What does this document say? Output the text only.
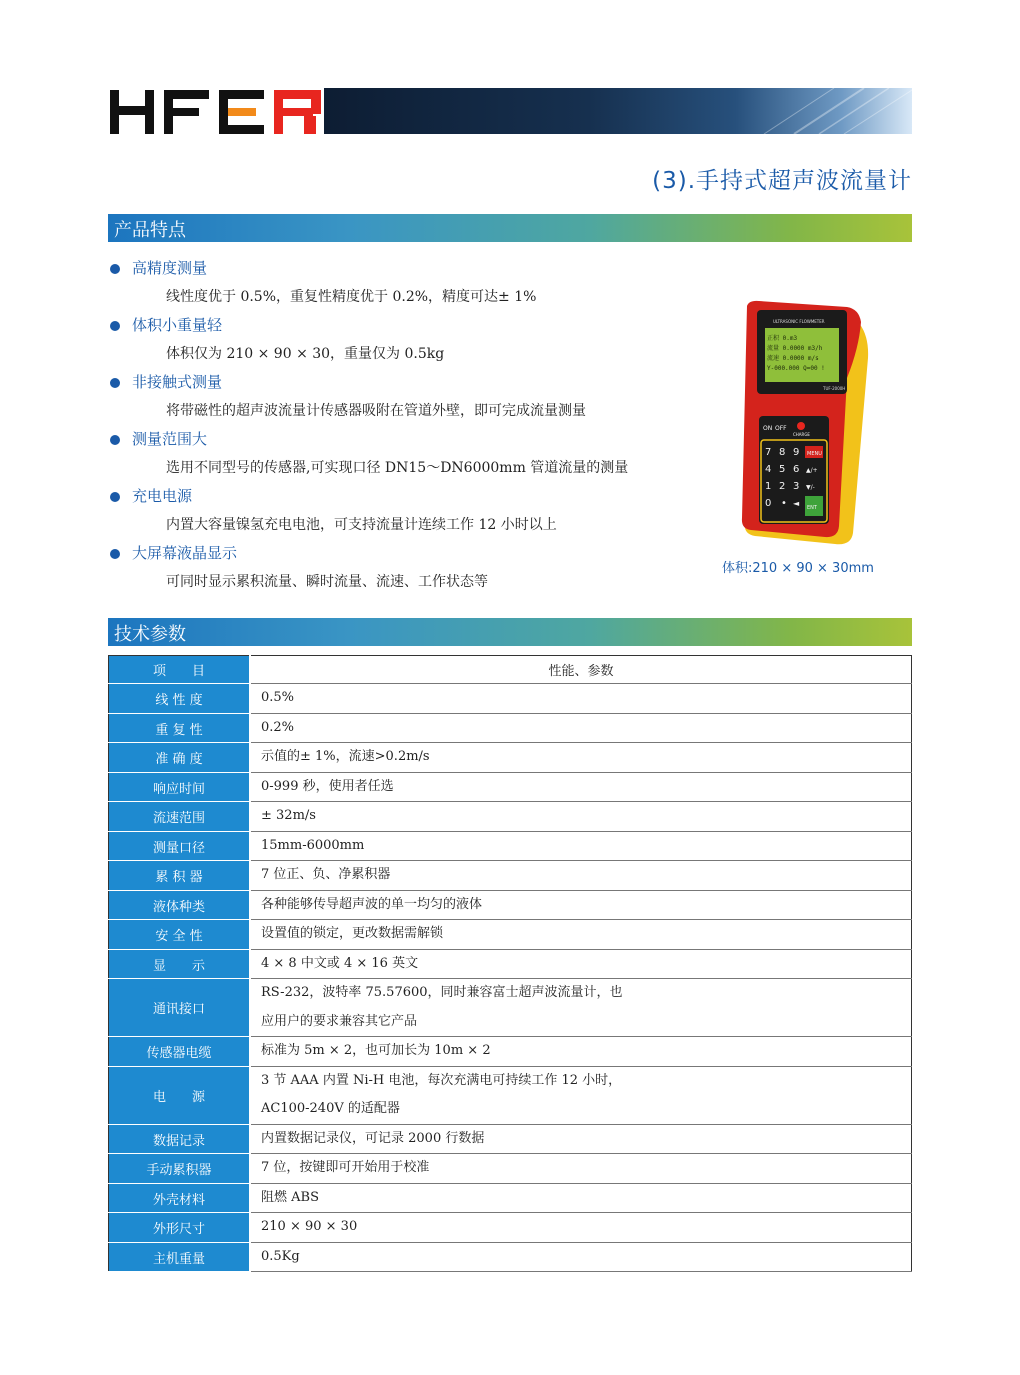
(3).手持式超声波流量计
产品特点
高精度测量
线性度优于 0.5%，重复性精度优于 0.2%，精度可达± 1%
体积小重量轻
体积仅为 210 × 90 × 30，重量仅为 0.5kg
非接触式测量
将带磁性的超声波流量计传感器吸附在管道外壁，即可完成流量测量
测量范围大
选用不同型号的传感器,可实现口径 DN15～DN6000mm 管道流量的测量
充电电源
内置大容量镍氢充电电池，可支持流量计连续工作 12 小时以上
大屏幕液晶显示
可同时显示累积流量、瞬时流量、流速、工作状态等
ULTRASONIC FLOWMETER
正积 0.m3
流量 0.0000 m3/h
流速 0.0000 m/s
Y-000.000 Q=00 !
TUF-2000H
ON OFF
CHARGE
7 8 9 MENU
4 5 6 ▲/+
1 2 3 ▼/-
0 • ◄ ENT
体积:210 × 90 × 30mm
技术参数
项　　目	性能、参数
线 性 度	0.5%

重 复 性	0.2%

准 确 度	示值的± 1%，流速>0.2m/s

响应时间	0-999 秒，使用者任选

流速范围	± 32m/s

测量口径	15mm-6000mm

累 积 器	7 位正、负、净累积器

液体种类	各种能够传导超声波的单一均匀的液体

安 全 性	设置值的锁定，更改数据需解锁

显　　示	4 × 8 中文或 4 × 16 英文

通讯接口	RS-232，波特率 75.57600，同时兼容富士超声波流量计，也
应用户的要求兼容其它产品

传感器电缆	标准为 5m × 2，也可加长为 10m × 2

电　　源	3 节 AAA 内置 Ni-H 电池，每次充满电可持续工作 12 小时，
AC100-240V 的适配器

数据记录	内置数据记录仪，可记录 2000 行数据

手动累积器	7 位，按键即可开始用于校准

外壳材料	阻燃 ABS

外形尺寸	210 × 90 × 30

主机重量	0.5Kg
